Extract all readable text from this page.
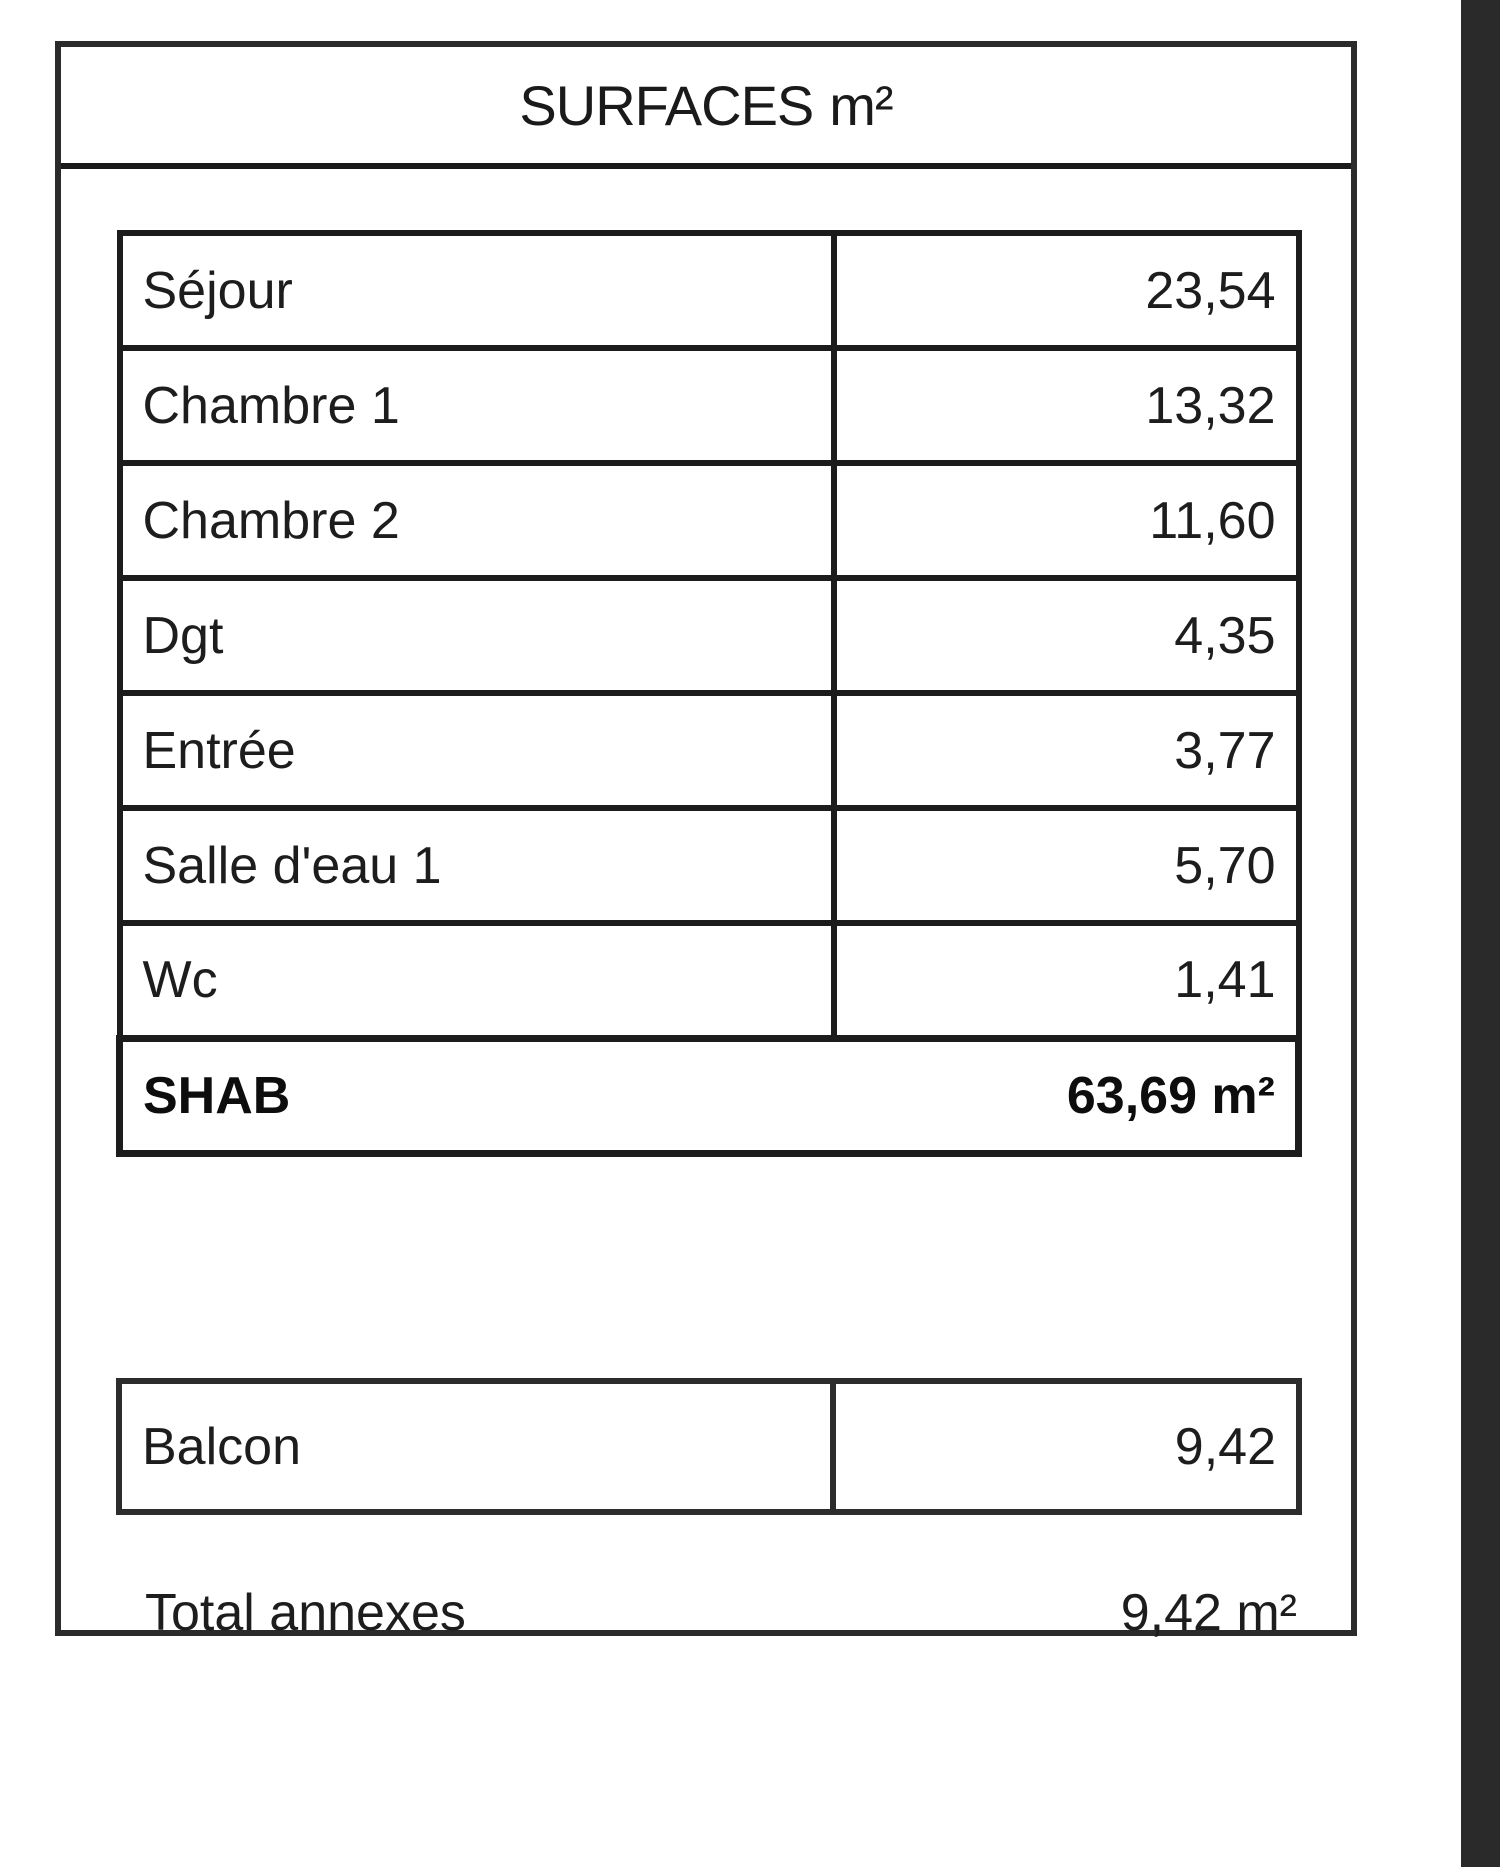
SURFACES m²
Séjour	23,54
Chambre 1	13,32
Chambre 2	11,60
Dgt	4,35
Entrée	3,77
Salle d'eau 1	5,70
Wc	1,41
SHAB	63,69 m²
Balcon	9,42
Total annexes	9,42 m²
